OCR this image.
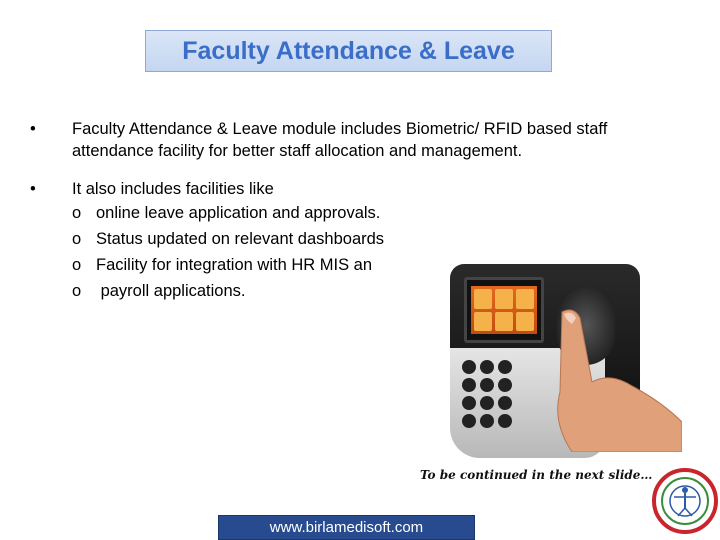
Faculty Attendance & Leave
•	Faculty Attendance & Leave module includes Biometric/ RFID based staff attendance facility for better staff allocation and management.
•	It also includes facilities like
o online leave application and approvals.
o Status updated on relevant dashboards
o Facility for integration with HR MIS an
o payroll applications.
To be continued in the next slide…
www.birlamedisoft.com
